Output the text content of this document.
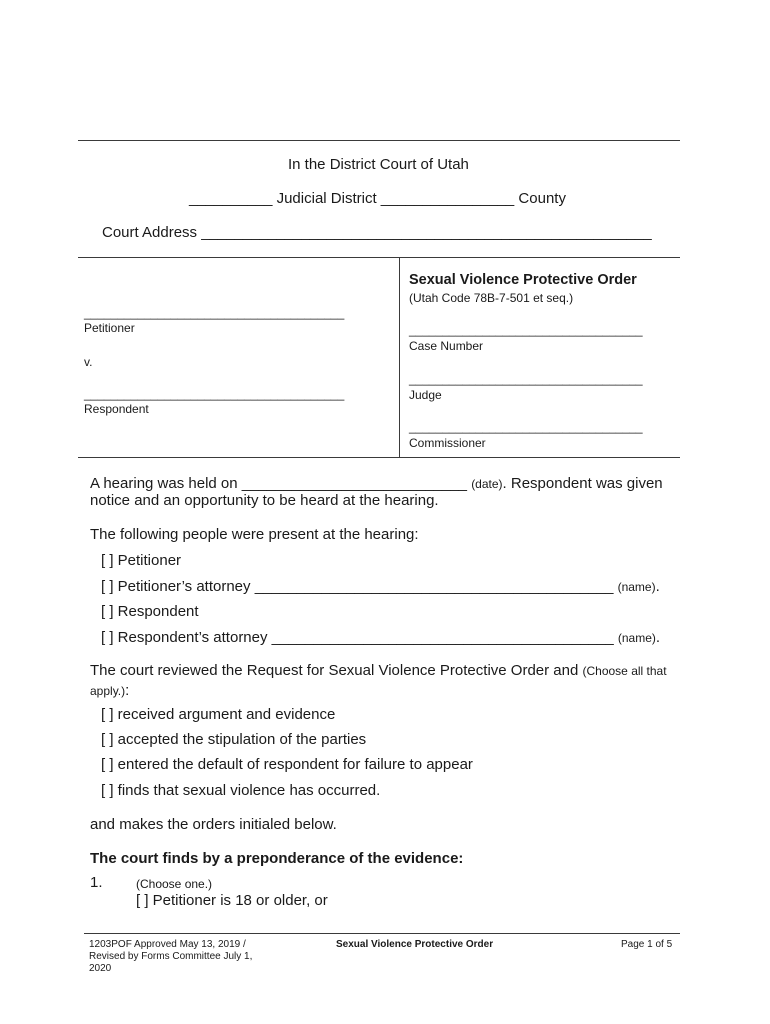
In the District Court of Utah
__________ Judicial District ________________ County
Court Address ______________________________________________________
_______________________________________
Petitioner
v.
_______________________________________
Respondent
Sexual Violence Protective Order
(Utah Code 78B-7-501 et seq.)
___________________________________
Case Number
___________________________________
Judge
___________________________________
Commissioner
A hearing was held on ___________________________ (date). Respondent was given
notice and an opportunity to be heard at the hearing.
The following people were present at the hearing:
[ ] Petitioner
[ ] Petitioner’s attorney ___________________________________________ (name).
[ ] Respondent
[ ] Respondent’s attorney _________________________________________ (name).
The court reviewed the Request for Sexual Violence Protective Order and (Choose all that
apply.):
[ ] received argument and evidence
[ ] accepted the stipulation of the parties
[ ] entered the default of respondent for failure to appear
[ ] finds that sexual violence has occurred.
and makes the orders initialed below.
The court finds by a preponderance of the evidence:
1.	(Choose one.)
[ ] Petitioner is 18 or older, or
1203POF Approved May 13, 2019 /
Revised by Forms Committee July 1,
2020
Sexual Violence Protective Order	Page 1 of 5
